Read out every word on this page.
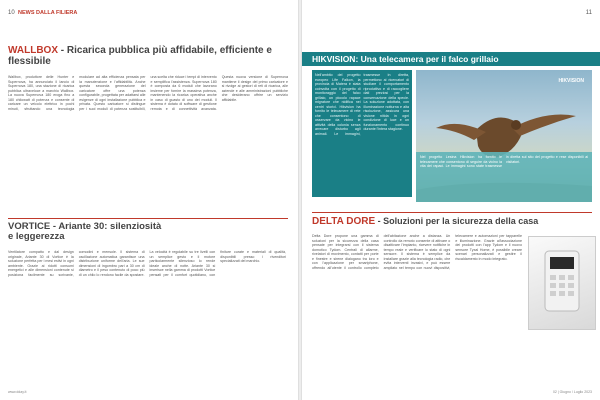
10 NEWS DALLA FILIERA
WALLBOX - Ricarica pubblica più affidabile, efficiente e flessibile
Wallbox, produttore delle Hunter e Supernova, ha annunciato il lancio di Supernova 180, una stazione di ricarica pubblica ultraveloce a marchio Wallbox. La nuova Supernova 180 eroga fino a 180 chilowatt di potenza e consente di caricare un veicolo elettrico in pochi minuti, sfruttando una tecnologia modulare ad alta efficienza pensata per la manutenzione e l'affidabilità. Anche questa seconda generazione del caricatore offre una potenza configurabile, progettata per adattarsi alle esigenze di ogni installazione pubblica e privata. Questo caricatore si distingue per i suoi moduli di potenza sostituibili, una scelta che riduce i tempi di intervento e semplifica l'assistenza. Supernova 180 è composta da 6 moduli che lavorano insieme per fornire la massima potenza, mantenendo la ricarica operativa anche in caso di guasto di uno dei moduli. Il sistema è dotato di software di gestione remota e di connettività avanzata. Questa nuova versione di Supernova mantiene il design del primo caricatore e si rivolge ai gestori di reti di ricarica, alle aziende e alle amministrazioni pubbliche che desiderano offrire un servizio affidabile.
VORTICE - Ariante 30: silenziosità
e leggerezza
Ventilatore compatto e dal design originale, Ariante 30 di Vortice è la soluzione perfetta per i mesi estivi in ogni ambiente. Grazie ai ridotti consumi energetici e alle dimensioni contenute si posiziona facilmente su scrivanie, comodini e mensole. Il sistema di oscillazione automatica garantisce una distribuzione uniforme dell'aria. Le sue dimensioni di ingombro pari a 30 cm di diametro e il peso contenuto di poco più di un chilo lo rendono facile da spostare. La velocità è regolabile su tre livelli con un semplice gesto e il motore particolarmente silenzioso lo rende ideale anche di notte. Ariante 30 si inserisce nella gamma di prodotti Vortice pensati per il comfort quotidiano, con finiture curate e materiali di qualità, disponibili presso i rivenditori specializzati del marchio.
www.dday.it
11
HIKVISION: Una telecamera per il falco grillaio
Nell'ambito del progetto europeo Life Falkon, la provincia di Matera è stata coinvolta con il progetto di monitoraggio del falco grillaio, un piccolo rapace migratore che nidifica nei centri storici. Hikvision ha fornito le telecamere di rete che consentono di osservare da vicino le attività della colonia senza arrecare disturbo agli animali. Le immagini, trasmesse in diretta, permettono ai ricercatori di studiare il comportamento riproduttivo e di raccogliere dati preziosi per la conservazione della specie. La soluzione adottata, con illuminazione notturna e alta risoluzione, assicura una visione nitida in ogni condizione di luce e un funzionamento continuo durante l'intera stagione.
HIKVISION
Nel progetto Lesina Hikvision ha fornito le telecamere che consentono di seguire da vicino la vita dei rapaci. Le immagini sono state trasmesse in diretta sul sito del progetto e rese disponibili ai visitatori.
DELTA DORE - Soluzioni per la sicurezza della casa
Delta Dore propone una gamma di soluzioni per la sicurezza della casa pensate per integrarsi con il sistema domotico Tydom. Centrali di allarme, rivelatori di movimento, contatti per porte e finestre e sirene dialogano tra loro e con l'applicazione per smartphone, offrendo all'utente il controllo completo dell'abitazione anche a distanza. Un controllo da remoto consente di attivare o disattivare l'impianto, ricevere notifiche in tempo reale e verificare lo stato di ogni sensore. Il sistema è semplice da installare grazie alla tecnologia radio, che evita interventi invasivi, e può essere ampliato nel tempo con nuovi dispositivi, telecamere e automazioni per tapparelle e illuminazione. Grazie all'associazione dei prodotti con l'app Tydom e il nuovo sensore Tyxal Home, è possibile creare scenari personalizzati e gestire il riscaldamento in modo integrato.
02 | Giugno / Luglio 2023
